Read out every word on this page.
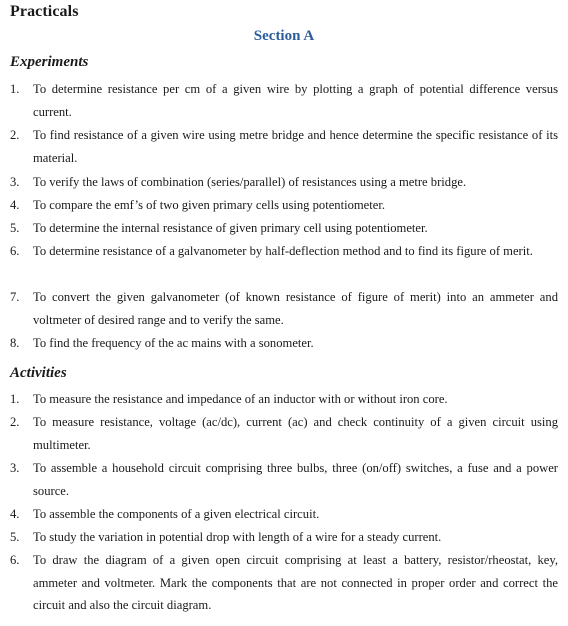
Practicals
Section A
Experiments
1.	To determine resistance per cm of a given wire by plotting a graph of potential difference versus current.
2.	To find resistance of a given wire using metre bridge and hence determine the specific resistance of its material.
3.	To verify the laws of combination (series/parallel) of resistances using a metre bridge.
4.	To compare the emf’s of two given primary cells using potentiometer.
5.	To determine the internal resistance of given primary cell using potentiometer.
6.	To determine resistance of a galvanometer by half-deflection method and to find its figure of merit.
7.	To convert the given galvanometer (of known resistance of figure of merit) into an ammeter and voltmeter of desired range and to verify the same.
8.	To find the frequency of the ac mains with a sonometer.
Activities
1.	To measure the resistance and impedance of an inductor with or without iron core.
2.	To measure resistance, voltage (ac/dc), current (ac) and check continuity of a given circuit using multimeter.
3.	To assemble a household circuit comprising three bulbs, three (on/off) switches, a fuse and a power source.
4.	To assemble the components of a given electrical circuit.
5.	To study the variation in potential drop with length of a wire for a steady current.
6.	To draw the diagram of a given open circuit comprising at least a battery, resistor/rheostat, key, ammeter and voltmeter. Mark the components that are not connected in proper order and correct the circuit and also the circuit diagram.
